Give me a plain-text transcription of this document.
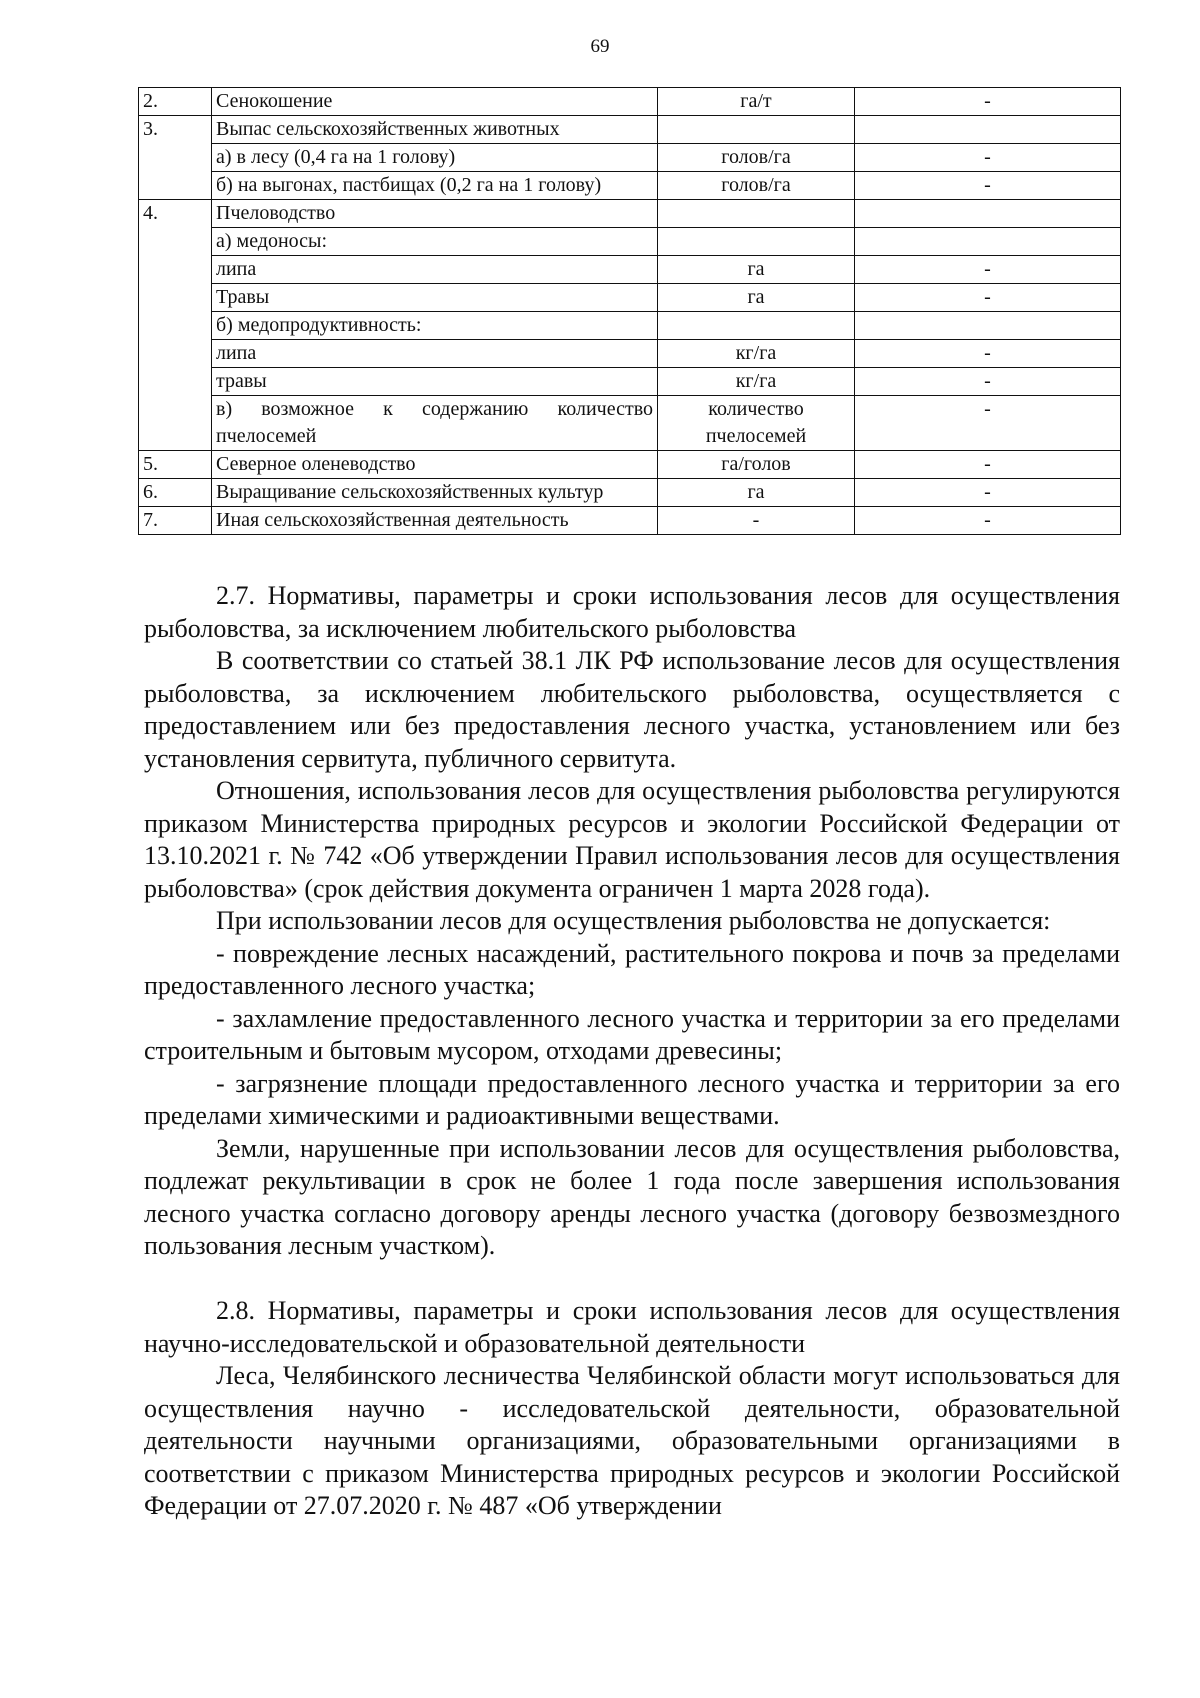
69
2.	Сенокошение	га/т	-
3.	Выпас сельскохозяйственных животных		
	а) в лесу (0,4 га на 1 голову)	голов/га	-
	б) на выгонах, пастбищах (0,2 га на 1 голову)	голов/га	-
4.	Пчеловодство		
	а) медоносы:		
	липа	га	-
	Травы	га	-
	б) медопродуктивность:		
	липа	кг/га	-
	травы	кг/га	-
	в) возможное к содержанию количество пчелосемей	количество пчелосемей	-
5.	Северное оленеводство	га/голов	-
6.	Выращивание сельскохозяйственных культур	га	-
7.	Иная сельскохозяйственная деятельность	-	-

2.7. Нормативы, параметры и сроки использования лесов для осуществления рыболовства, за исключением любительского рыболовства

В соответствии со статьей 38.1 ЛК РФ использование лесов для осуществления рыболовства, за исключением любительского рыболовства, осуществляется с предоставлением или без предоставления лесного участка, установлением или без установления сервитута, публичного сервитута.

Отношения, использования лесов для осуществления рыболовства регулируются приказом Министерства природных ресурсов и экологии Российской Федерации от 13.10.2021 г. № 742 «Об утверждении Правил использования лесов для осуществления рыболовства» (срок действия документа ограничен 1 марта 2028 года).

При использовании лесов для осуществления рыболовства не допускается:

- повреждение лесных насаждений, растительного покрова и почв за пределами предоставленного лесного участка;

- захламление предоставленного лесного участка и территории за его пределами строительным и бытовым мусором, отходами древесины;

- загрязнение площади предоставленного лесного участка и территории за его пределами химическими и радиоактивными веществами.

Земли, нарушенные при использовании лесов для осуществления рыболовства, подлежат рекультивации в срок не более 1 года после завершения использования лесного участка согласно договору аренды лесного участка (договору безвозмездного пользования лесным участком).

2.8. Нормативы, параметры и сроки использования лесов для осуществления научно-исследовательской и образовательной деятельности

Леса, Челябинского лесничества Челябинской области могут использоваться для осуществления научно - исследовательской деятельности, образовательной деятельности научными организациями, образовательными организациями в соответствии с приказом Министерства природных ресурсов и экологии Российской Федерации от 27.07.2020 г. № 487 «Об утверждении
